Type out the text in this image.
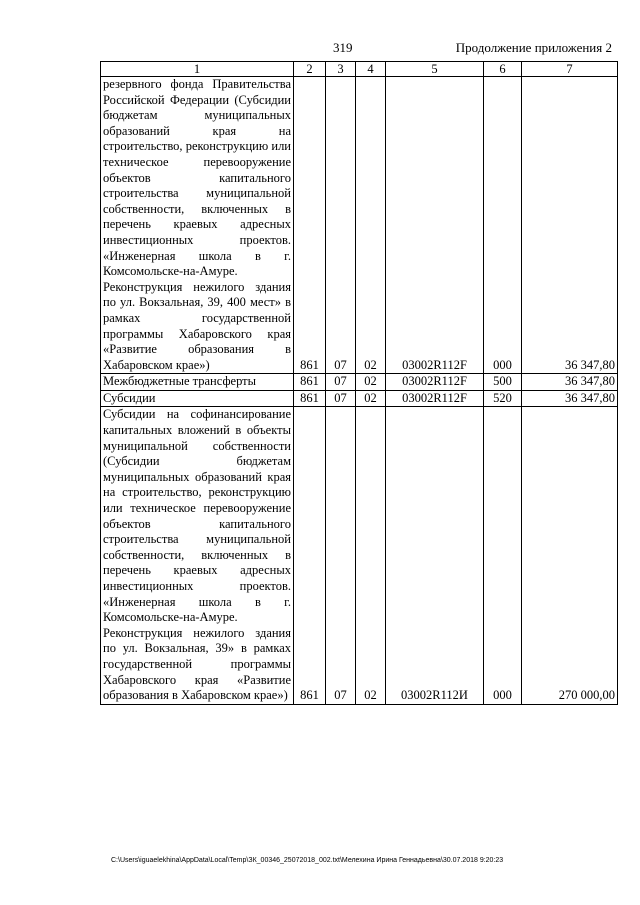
319	Продолжение приложения 2
1	2	3	4	5	6	7
резервного фонда Правительства Российской Федерации (Субсидии бюджетам муниципальных образований края на строительство, реконструкцию или техническое перевооружение объектов капитального строительства муниципальной собственности, включенных в перечень краевых адресных инвестиционных проектов. «Инженерная школа в г. Комсомольске-на-Амуре. Реконструкция нежилого здания по ул. Вокзальная, 39, 400 мест» в рамках государственной программы Хабаровского края «Развитие образования в Хабаровском крае»)	861	07	02	03002R112F	000	36 347,80
Межбюджетные трансферты	861	07	02	03002R112F	500	36 347,80
Субсидии	861	07	02	03002R112F	520	36 347,80
Субсидии на софинансирование капитальных вложений в объекты муниципальной собственности (Субсидии бюджетам муниципальных образований края на строительство, реконструкцию или техническое перевооружение объектов капитального строительства муниципальной собственности, включенных в перечень краевых адресных инвестиционных проектов. «Инженерная школа в г. Комсомольске-на-Амуре. Реконструкция нежилого здания по ул. Вокзальная, 39» в рамках государственной программы Хабаровского края «Развитие образования в Хабаровском крае»)	861	07	02	03002R112И	000	270 000,00
C:\Users\iguaelekhina\AppData\Local\Temp\ЗК_00346_25072018_002.txt\Мелехина Ирина Геннадьевна\30.07.2018 9:20:23
